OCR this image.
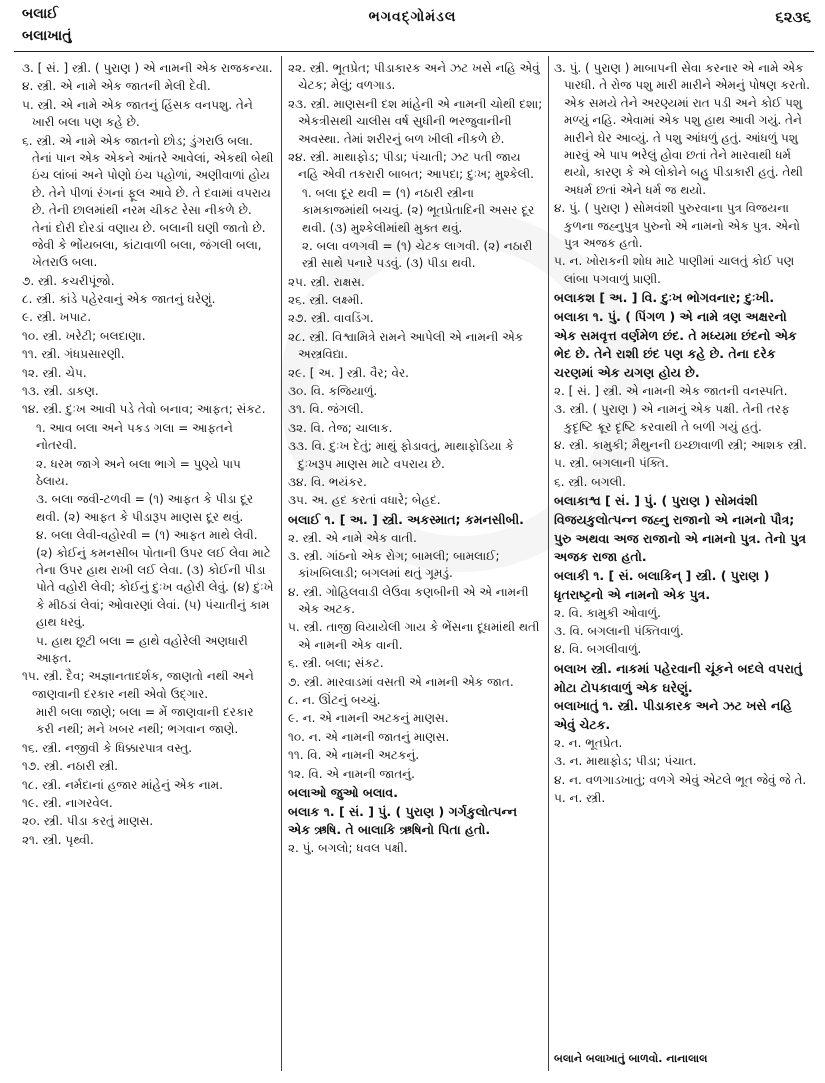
બલાઈ
બલાખાતું
ભગવદ્ગોમંડલ	૬૨૩૬

૩. [ સં. ] સ્ત્રી. ( પુરાણ ) એ નામની એક રાજકન્યા.

૪. સ્ત્રી. એ નામે એક જાતની મેલી દેવી.

૫. સ્ત્રી. એ નામે એક જાતનું હિંસક વનપશુ. તેને ખારી બલા પણ કહે છે.

૬. સ્ત્રી. એ નામે એક જાતનો છોડ; ડુંગરાઉ બલા. તેનાં પાન એક એકને આંતરે આવેલાં, એકથી બેથી ઇંચ લાંબાં અને પોણો ઇંચ પહોળાં, અણીવાળાં હોય છે. તેને પીળાં રંગનાં ફૂલ આવે છે. તે દવામાં વપરાય છે. તેની છાલમાંથી નરમ ચીકટ રેસા નીકળે છે. તેનાં દોરી દોરડાં વણાય છે. બલાની ઘણી જાતો છે. જેવી કે ભોંયબલા, કાંટાવાળી બલા, જંગલી બલા, ખેતરાઉ બલા.

૭. સ્ત્રી. કચરીપૂંજો.

૮. સ્ત્રી. કાંડે પહેરવાનું એક જાતનું ઘરેણું.

૯. સ્ત્રી. ખપાટ.

૧૦. સ્ત્રી. ખરેટી; બલદાણા.

૧૧. સ્ત્રી. ગંધપ્રસારણી.

૧૨. સ્ત્રી. ચેપ.

૧૩. સ્ત્રી. ડાકણ.

૧૪. સ્ત્રી. દુઃખ આવી પડે તેવો બનાવ; આફત; સંકટ.

૧. આવ બલા અને પકડ ગલા = આફતને નોતરવી.

૨. ધરમ જાગે અને બલા ભાગે = પુણ્યે પાપ ઠેલાય.

૩. બલા જવી-ટળવી = (૧) આફત કે પીડા દૂર થવી. (૨) આફત કે પીડારૂપ માણસ દૂર થવું.

૪. બલા લેવી-વહોરવી = (૧) આફત માથે લેવી. (૨) કોઈનું કમનસીબ પોતાની ઉપર લઈ લેવા માટે તેના ઉપર હાથ રાખી લઈ લેવા. (૩) કોઈની પીડા પોતે વહોરી લેવી; કોઈનું દુઃખ વહોરી લેવું. (૪) દુઃખે કે મીઠડાં લેવાં; ઓવારણાં લેવાં. (૫) પંચાતીનું કામ હાથ ધરવું.

૫. હાથ છૂટી બલા = હાથે વહોરેલી અણધારી આફત.

૧૫. સ્ત્રી. દૈવ; અજ્ઞાનતાદર્શક, જાણતો નથી અને જાણવાની દરકાર નથી એવો ઉદ્ગાર.

મારી બલા જાણે; બલા = મેં જાણવાની દરકાર કરી નથી; મને ખબર નથી; ભગવાન જાણે.

૧૬. સ્ત્રી. નજીવી કે ધિક્કારપાત્ર વસ્તુ.

૧૭. સ્ત્રી. નઠારી સ્ત્રી.

૧૮. સ્ત્રી. નર્મદાનાં હજાર માંહેનું એક નામ.

૧૯. સ્ત્રી. નાગરવેલ.

૨૦. સ્ત્રી. પીડા કરતું માણસ.

૨૧. સ્ત્રી. પૃથ્વી.

૨૨. સ્ત્રી. ભૂતપ્રેત; પીડાકારક અને ઝટ ખસે નહિ એવું ચેટક; મેલું; વળગાડ.

૨૩. સ્ત્રી. માણસની દશ માંહેની એ નામની ચોથી દશા; એકત્રીસથી ચાલીસ વર્ષ સુધીની ભરજુવાનીની અવસ્થા. તેમાં શરીરનું બળ ખીલી નીકળે છે.

૨૪. સ્ત્રી. માથાફોડ; પીડા; પંચાતી; ઝટ પતી જાય નહિ એવી તકરારી બાબત; આપદા; દુઃખ; મુશ્કેલી.

૧. બલા દૂર થવી = (૧) નઠારી સ્ત્રીના કામકાજમાંથી બચવું. (૨) ભૂતપ્રેતાદિની અસર દૂર થવી. (૩) મુશ્કેલીમાંથી મુક્ત થવું.

૨. બલા વળગવી = (૧) ચેટક લાગવી. (૨) નઠારી સ્ત્રી સાથે પનારે પડવું. (૩) પીડા થવી.

૨૫. સ્ત્રી. રાક્ષસ.

૨૬. સ્ત્રી. લક્ષ્મી.

૨૭. સ્ત્રી. વાવડિંગ.

૨૮. સ્ત્રી. વિશ્વામિત્રે રામને આપેલી એ નામની એક અસ્ત્રવિદ્યા.

૨૯. [ અ. ] સ્ત્રી. વૈર; વેર.

૩૦. વિ. કજિયાળું.

૩૧. વિ. જંગલી.

૩૨. વિ. તેજ; ચાલાક.

૩૩. વિ. દુઃખ દેતું; માથું ફોડાવતું, માથાફોડિયા કે દુઃખરૂપ માણસ માટે વપરાય છે.

૩૪. વિ. ભયંકર.

૩૫. અ. હદ કરતાં વધારે; બેહદ.

બલાઈ ૧. [ અ. ] સ્ત્રી. અકસ્માત; કમનસીબી.

૨. સ્ત્રી. એ નામે એક વાતી.

૩. સ્ત્રી. ગાંઠનો એક રોગ; બામલી; બામલાઈ; કાંખબિલાડી; બગલમાં થતું ગૂમડું.

૪. સ્ત્રી. ગોહિલવાડી લેઉવા કણબીની એ એ નામની એક અટક.

૫. સ્ત્રી. તાજી વિયાયેલી ગાય કે ભેંસના દૂધમાંથી થતી એ નામની એક વાની.

૬. સ્ત્રી. બલા; સંકટ.

૭. સ્ત્રી. મારવાડમાં વસતી એ નામની એક જાત.

૮. ન. ઊંટનું બચ્ચું.

૯. ન. એ નામની અટકનું માણસ.

૧૦. ન. એ નામની જાતનું માણસ.

૧૧. વિ. એ નામની અટકનું.

૧૨. વિ. એ નામની જાતનું.

બલાઓ જુઓ બલાવ.

બલાક ૧. [ સં. ] પું. ( પુરાણ ) ગર્ગકુલોત્પન્ન એક ઋષિ. તે બાલાકિ ઋષિનો પિતા હતો.

૨. પું. બગલો; ધવલ પક્ષી.

૩. પું. ( પુરાણ ) માબાપની સેવા કરનાર એ નામે એક પારધી. તે રોજ પશુ મારી મારીને એમનું પોષણ કરતો. એક સમયે તેને અરણ્યમાં રાત પડી અને કોઈ પશુ મળ્યું નહિ. એવામાં એક પશુ હાથ આવી ગયું. તેને મારીને ઘેર આવ્યું. તે પશુ આંધળું હતું. આંધળું પશુ મારવું એ પાપ ભરેલું હોવા છતાં તેને મારવાથી ધર્મ થયો, કારણ કે એ લોકોને બહુ પીડાકારી હતું. તેથી અધર્મ છતાં એને ધર્મ જ થયો.

૪. પું. ( પુરાણ ) સોમવંશી પુરુરવાના પુત્ર વિજયના કુળના જહ્નુપુત્ર પુરુનો એ નામનો એક પુત્ર. એનો પુત્ર અજક હતો.

૫. ન. ખોરાકની શોધ માટે પાણીમાં ચાલતું કોઈ પણ લાંબા પગવાળું પ્રાણી.

બલાકશ [ અ. ] વિ. દુઃખ ભોગવનાર; દુઃખી.

બલાકા ૧. પું. ( પિંગળ ) એ નામે ત્રણ અક્ષરનો એક સમવૃત્ત વર્ણમેળ છંદ. તે મધ્યમા છંદનો એક ભેદ છે. તેને રાશી છંદ પણ કહે છે. તેના દરેક ચરણમાં એક યગણ હોય છે.

૨. [ સં. ] સ્ત્રી. એ નામની એક જાતની વનસ્પતિ.

૩. સ્ત્રી. ( પુરાણ ) એ નામનું એક પક્ષી. તેની તરફ કુદૃષ્ટિ ક્રૂર દૃષ્ટિ કરવાથી તે બળી ગયું હતું.

૪. સ્ત્રી. કામુકી; મૈથુનની ઇચ્છાવાળી સ્ત્રી; આશક સ્ત્રી.

૫. સ્ત્રી. બગલાની પંક્તિ.

૬. સ્ત્રી. બગલી.

બલાકાશ્વ [ સં. ] પું. ( પુરાણ ) સોમવંશી વિજયકુલોત્પન્ન જહ્નુ રાજાનો એ નામનો પૌત્ર; પુરુ અથવા અજ રાજાનો એ નામનો પુત્ર. તેનો પુત્ર અજક રાજા હતો.

બલાકી ૧. [ સં. બલાકિન્ ] સ્ત્રી. ( પુરાણ ) ધૃતરાષ્ટ્રનો એ નામનો એક પુત્ર.

૨. વિ. કામુકી ઓવાળું.

૩. વિ. બગલાની પંક્તિવાળું.

૪. વિ. બગલીવાળું.

બલાખ સ્ત્રી. નાકમાં પહેરવાની ચૂંકને બદલે વપરાતું મોટા ટોપકાવાળું એક ઘરેણું.

બલાખાતું ૧. સ્ત્રી. પીડાકારક અને ઝટ ખસે નહિ એવું ચેટક.

૨. ન. ભૂતપ્રેત.

૩. ન. માથાફોડ; પીડા; પંચાત.

૪. ન. વળગાડખાતું; વળગે એવું એટલે ભૂત જેવું જે તે.

૫. ન. સ્ત્રી.

બલાને બલાખાતું બાળવો. નાનાલાલ
